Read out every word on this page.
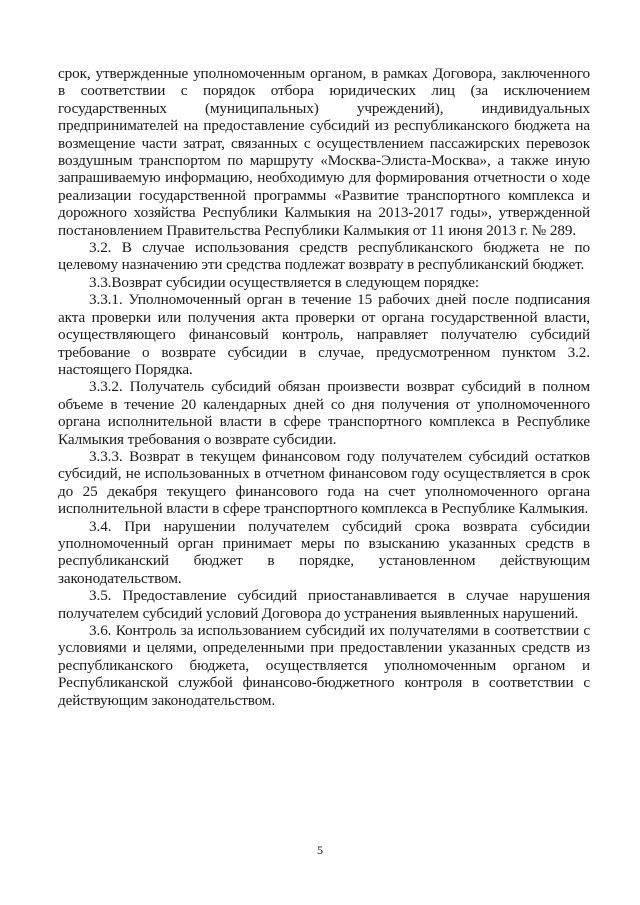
срок, утвержденные уполномоченным органом, в рамках Договора, заключенного в соответствии с порядок отбора юридических лиц (за исключением государственных (муниципальных) учреждений), индивидуальных предпринимателей на предоставление субсидий из республиканского бюджета на возмещение части затрат, связанных с осуществлением пассажирских перевозок воздушным транспортом по маршруту «Москва-Элиста-Москва», а также иную запрашиваемую информацию, необходимую для формирования отчетности о ходе реализации государственной программы «Развитие транспортного комплекса и дорожного хозяйства Республики Калмыкия на 2013-2017 годы», утвержденной постановлением Правительства Республики Калмыкия от 11 июня 2013 г. № 289.

3.2. В случае использования средств республиканского бюджета не по целевому назначению эти средства подлежат возврату в республиканский бюджет.

3.3.Возврат субсидии осуществляется в следующем порядке:

3.3.1. Уполномоченный орган в течение 15 рабочих дней после подписания акта проверки или получения акта проверки от органа государственной власти, осуществляющего финансовый контроль, направляет получателю субсидий требование о возврате субсидии в случае, предусмотренном пунктом 3.2. настоящего Порядка.

3.3.2. Получатель субсидий обязан произвести возврат субсидий в полном объеме в течение 20 календарных дней со дня получения от уполномоченного органа исполнительной власти в сфере транспортного комплекса в Республике Калмыкия требования о возврате субсидии.

3.3.3. Возврат в текущем финансовом году получателем субсидий остатков субсидий, не использованных в отчетном финансовом году осуществляется в срок до 25 декабря текущего финансового года на счет уполномоченного органа исполнительной власти в сфере транспортного комплекса в Республике Калмыкия.

3.4. При нарушении получателем субсидий срока возврата субсидии уполномоченный орган принимает меры по взысканию указанных средств в республиканский бюджет в порядке, установленном действующим законодательством.

3.5. Предоставление субсидий приостанавливается в случае нарушения получателем субсидий условий Договора до устранения выявленных нарушений.

3.6. Контроль за использованием субсидий их получателями в соответствии с условиями и целями, определенными при предоставлении указанных средств из республиканского бюджета, осуществляется уполномоченным органом и Республиканской службой финансово-бюджетного контроля в соответствии с действующим законодательством.

5
